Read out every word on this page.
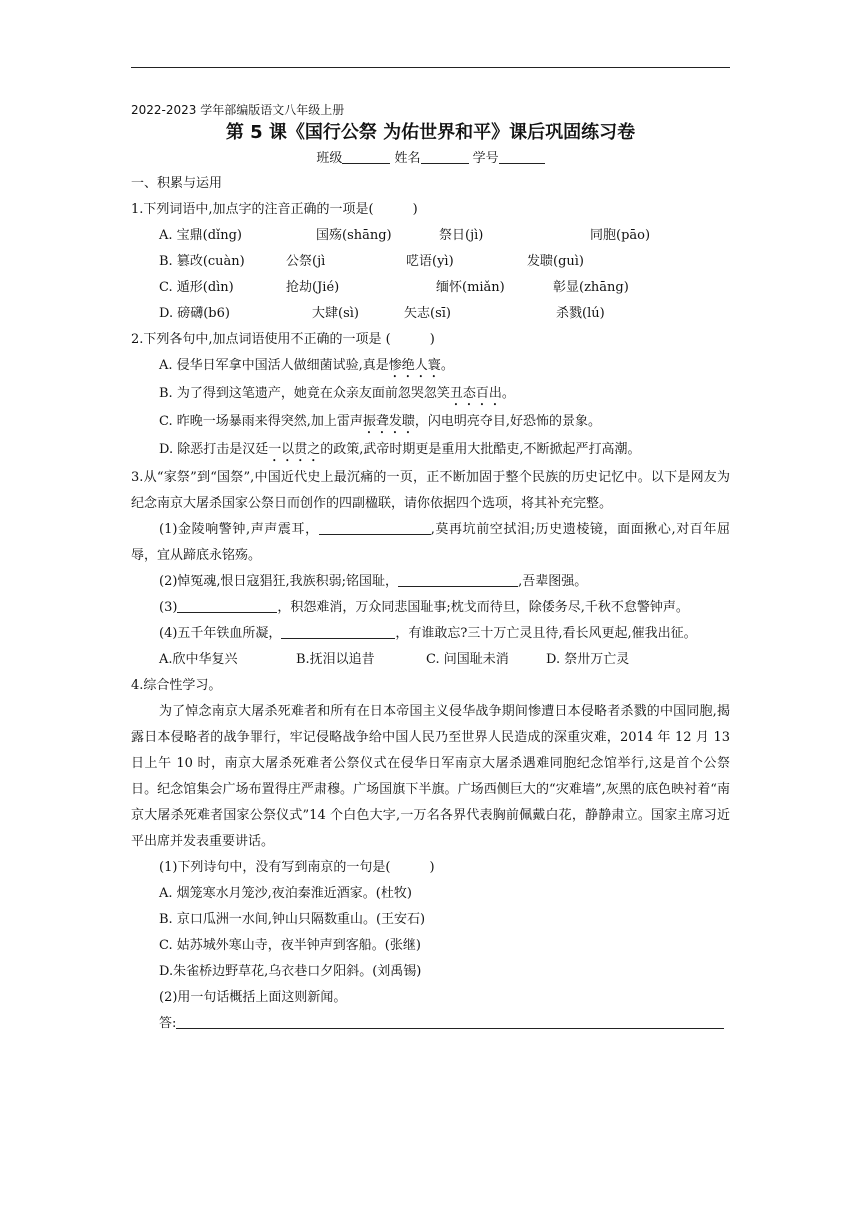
2022-2023 学年部编版语文八年级上册
第 5 课《国行公祭 为佑世界和平》课后巩固练习卷
班级	姓名	学号
一、积累与运用
1.下列词语中,加点字的注音正确的一项是(　　　)
A. 宝鼎(dǐng)	国殇(shāng)	祭日(jì)	同胞(pāo)
B. 篡改(cuàn)	公祭(jì	呓语(yì)	发聩(guì)
C. 遁形(dìn)	抢劫(Jié)	缅怀(miǎn)	彰显(zhāng)
D. 磅礴(b6)	大肆(sì)	矢志(sī)	杀戮(lú)
2.下列各句中,加点词语使用不正确的一项是 (　　　)
A. 侵华日军拿中国活人做细菌试验,真是惨绝人寰。
B. 为了得到这笔遗产，她竟在众亲友面前忽哭忽笑丑态百出。
C. 昨晚一场暴雨来得突然,加上雷声振聋发聩，闪电明亮夺目,好恐怖的景象。
D. 除恶打击是汉廷一以贯之的政策,武帝时期更是重用大批酷吏,不断掀起严打高潮。
3.从“家祭”到“国祭”,中国近代史上最沉痛的一页，正不断加固于整个民族的历史记忆中。以下是网友为纪念南京大屠杀国家公祭日而创作的四副楹联，请你依据四个选项，将其补充完整。
(1)金陵响警钟,声声震耳，	,莫再坑前空拭泪;历史遗棱镜，面面揪心,对百年屈辱，宜从蹄底永铭殇。
(2)悼冤魂,恨日寇猖狂,我族积弱;铭国耻，	,吾辈图强。
(3)	，积怨难消，万众同悲国耻事;枕戈而待旦，除倭务尽,千秋不怠警钟声。
(4)五千年铁血所凝，	，有谁敢忘?三十万亡灵且待,看长风更起,催我出征。
A.欣中华复兴	B.抚泪以追昔	C. 问国耻未消	D. 祭卅万亡灵
4.综合性学习。
为了悼念南京大屠杀死难者和所有在日本帝国主义侵华战争期间惨遭日本侵略者杀戮的中国同胞,揭露日本侵略者的战争罪行，牢记侵略战争给中国人民乃至世界人民造成的深重灾难，2014 年 12 月 13 日上午 10 时，南京大屠杀死难者公祭仪式在侵华日军南京大屠杀遇难同胞纪念馆举行,这是首个公祭日。纪念馆集会广场布置得庄严肃穆。广场国旗下半旗。广场西侧巨大的“灾难墙”,灰黑的底色映衬着“南京大屠杀死难者国家公祭仪式”14 个白色大字,一万名各界代表胸前佩戴白花，静静肃立。国家主席习近平出席并发表重要讲话。
(1)下列诗句中，没有写到南京的一句是(　　　)
A. 烟笼寒水月笼沙,夜泊秦淮近酒家。(杜牧)
B. 京口瓜洲一水间,钟山只隔数重山。(王安石)
C. 姑苏城外寒山寺，夜半钟声到客船。(张继)
D.朱雀桥边野草花,乌衣巷口夕阳斜。(刘禹锡)
(2)用一句话概括上面这则新闻。
答:
